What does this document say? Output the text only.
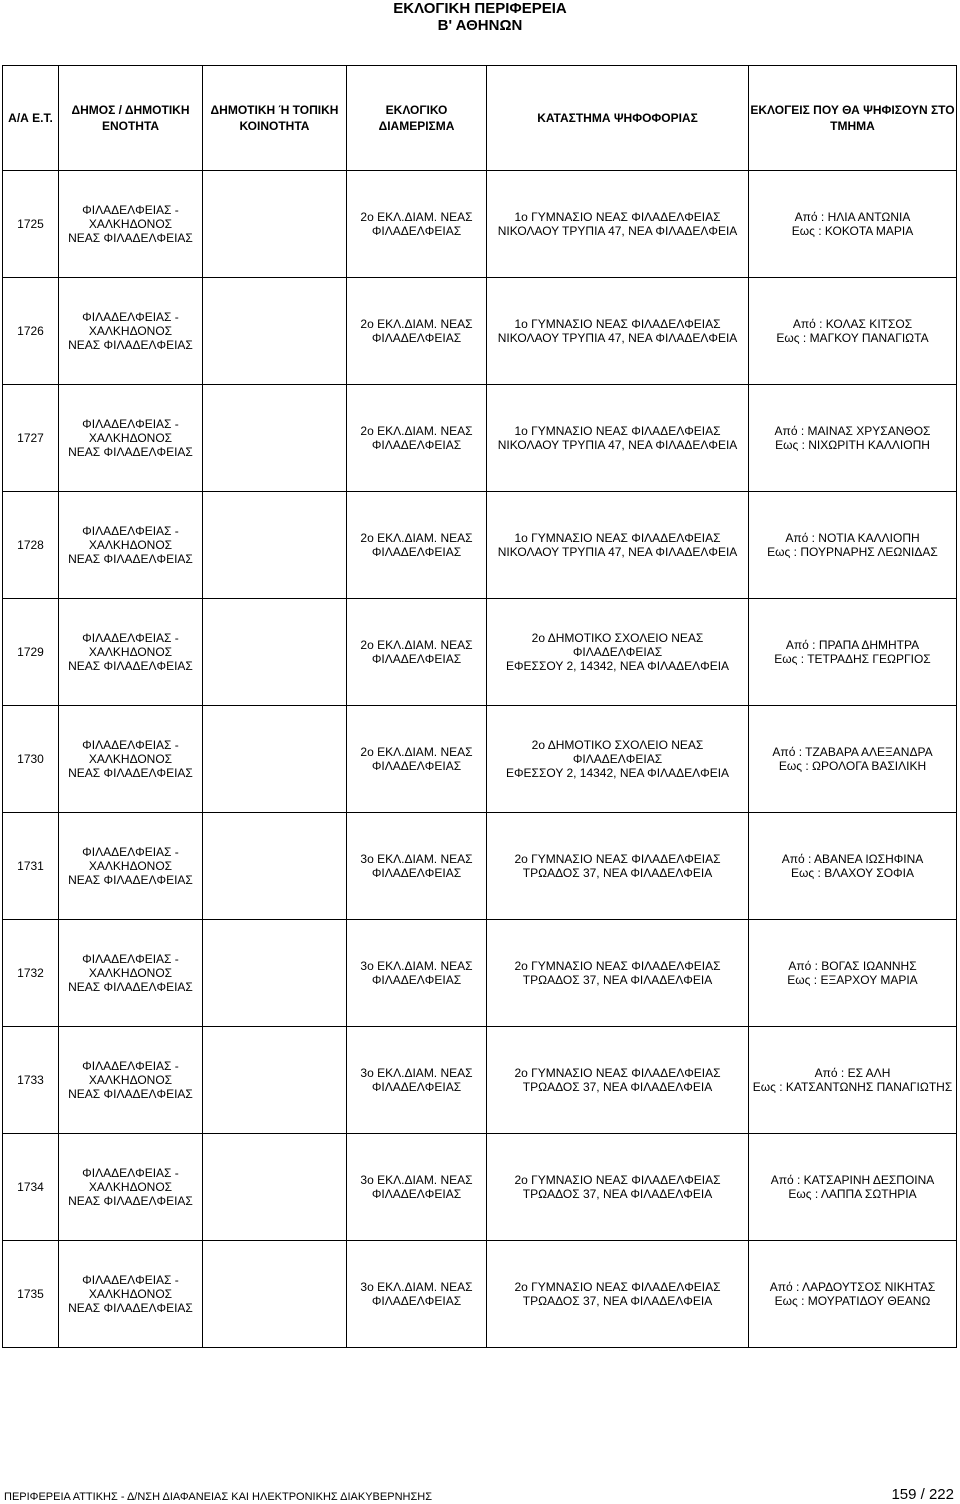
ΕΚΛΟΓΙΚΗ ΠΕΡΙΦΕΡΕΙΑ
Β' ΑΘΗΝΩΝ
Α/Α Ε.Τ.	ΔΗΜΟΣ / ΔΗΜΟΤΙΚΗ ΕΝΟΤΗΤΑ	ΔΗΜΟΤΙΚΗ Ή ΤΟΠΙΚΗ ΚΟΙΝΟΤΗΤΑ	ΕΚΛΟΓΙΚΟ ΔΙΑΜΕΡΙΣΜΑ	ΚΑΤΑΣΤΗΜΑ ΨΗΦΟΦΟΡΙΑΣ	ΕΚΛΟΓΕΙΣ ΠΟΥ ΘΑ ΨΗΦΙΣΟΥΝ ΣΤΟ ΤΜΗΜΑ
1725	ΦΙΛΑΔΕΛΦΕΙΑΣ -
ΧΑΛΚΗΔΟΝΟΣ
ΝΕΑΣ ΦΙΛΑΔΕΛΦΕΙΑΣ		2ο ΕΚΛ.ΔΙΑΜ. ΝΕΑΣ
ΦΙΛΑΔΕΛΦΕΙΑΣ	1ο ΓΥΜΝΑΣΙΟ ΝΕΑΣ ΦΙΛΑΔΕΛΦΕΙΑΣ
ΝΙΚΟΛΑΟΥ ΤΡΥΠΙΑ 47, ΝΕΑ ΦΙΛΑΔΕΛΦΕΙΑ	Από : ΗΛΙΑ ΑΝΤΩΝΙΑ
Εως : ΚΟΚΟΤΑ ΜΑΡΙΑ

1726	ΦΙΛΑΔΕΛΦΕΙΑΣ -
ΧΑΛΚΗΔΟΝΟΣ
ΝΕΑΣ ΦΙΛΑΔΕΛΦΕΙΑΣ		2ο ΕΚΛ.ΔΙΑΜ. ΝΕΑΣ
ΦΙΛΑΔΕΛΦΕΙΑΣ	1ο ΓΥΜΝΑΣΙΟ ΝΕΑΣ ΦΙΛΑΔΕΛΦΕΙΑΣ
ΝΙΚΟΛΑΟΥ ΤΡΥΠΙΑ 47, ΝΕΑ ΦΙΛΑΔΕΛΦΕΙΑ	Από : ΚΟΛΑΣ ΚΙΤΣΟΣ
Εως : ΜΑΓΚΟΥ ΠΑΝΑΓΙΩΤΑ

1727	ΦΙΛΑΔΕΛΦΕΙΑΣ -
ΧΑΛΚΗΔΟΝΟΣ
ΝΕΑΣ ΦΙΛΑΔΕΛΦΕΙΑΣ		2ο ΕΚΛ.ΔΙΑΜ. ΝΕΑΣ
ΦΙΛΑΔΕΛΦΕΙΑΣ	1ο ΓΥΜΝΑΣΙΟ ΝΕΑΣ ΦΙΛΑΔΕΛΦΕΙΑΣ
ΝΙΚΟΛΑΟΥ ΤΡΥΠΙΑ 47, ΝΕΑ ΦΙΛΑΔΕΛΦΕΙΑ	Από : ΜΑΙΝΑΣ ΧΡΥΣΑΝΘΟΣ
Εως : ΝΙΧΩΡΙΤΗ ΚΑΛΛΙΟΠΗ

1728	ΦΙΛΑΔΕΛΦΕΙΑΣ -
ΧΑΛΚΗΔΟΝΟΣ
ΝΕΑΣ ΦΙΛΑΔΕΛΦΕΙΑΣ		2ο ΕΚΛ.ΔΙΑΜ. ΝΕΑΣ
ΦΙΛΑΔΕΛΦΕΙΑΣ	1ο ΓΥΜΝΑΣΙΟ ΝΕΑΣ ΦΙΛΑΔΕΛΦΕΙΑΣ
ΝΙΚΟΛΑΟΥ ΤΡΥΠΙΑ 47, ΝΕΑ ΦΙΛΑΔΕΛΦΕΙΑ	Από : ΝΟΤΙΑ ΚΑΛΛΙΟΠΗ
Εως : ΠΟΥΡΝΑΡΗΣ ΛΕΩΝΙΔΑΣ

1729	ΦΙΛΑΔΕΛΦΕΙΑΣ -
ΧΑΛΚΗΔΟΝΟΣ
ΝΕΑΣ ΦΙΛΑΔΕΛΦΕΙΑΣ		2ο ΕΚΛ.ΔΙΑΜ. ΝΕΑΣ
ΦΙΛΑΔΕΛΦΕΙΑΣ	2ο ΔΗΜΟΤΙΚΟ ΣΧΟΛΕΙΟ ΝΕΑΣ
ΦΙΛΑΔΕΛΦΕΙΑΣ
ΕΦΕΣΣΟΥ 2, 14342, ΝΕΑ ΦΙΛΑΔΕΛΦΕΙΑ	Από : ΠΡΑΠΑ ΔΗΜΗΤΡΑ
Εως : ΤΕΤΡΑΔΗΣ ΓΕΩΡΓΙΟΣ

1730	ΦΙΛΑΔΕΛΦΕΙΑΣ -
ΧΑΛΚΗΔΟΝΟΣ
ΝΕΑΣ ΦΙΛΑΔΕΛΦΕΙΑΣ		2ο ΕΚΛ.ΔΙΑΜ. ΝΕΑΣ
ΦΙΛΑΔΕΛΦΕΙΑΣ	2ο ΔΗΜΟΤΙΚΟ ΣΧΟΛΕΙΟ ΝΕΑΣ
ΦΙΛΑΔΕΛΦΕΙΑΣ
ΕΦΕΣΣΟΥ 2, 14342, ΝΕΑ ΦΙΛΑΔΕΛΦΕΙΑ	Από : ΤΖΑΒΑΡΑ ΑΛΕΞΑΝΔΡΑ
Εως : ΩΡΟΛΟΓΑ ΒΑΣΙΛΙΚΗ

1731	ΦΙΛΑΔΕΛΦΕΙΑΣ -
ΧΑΛΚΗΔΟΝΟΣ
ΝΕΑΣ ΦΙΛΑΔΕΛΦΕΙΑΣ		3ο ΕΚΛ.ΔΙΑΜ. ΝΕΑΣ
ΦΙΛΑΔΕΛΦΕΙΑΣ	2ο ΓΥΜΝΑΣΙΟ ΝΕΑΣ ΦΙΛΑΔΕΛΦΕΙΑΣ
ΤΡΩΑΔΟΣ 37, ΝΕΑ ΦΙΛΑΔΕΛΦΕΙΑ	Από : ΑΒΑΝΕΑ ΙΩΣΗΦΙΝΑ
Εως : ΒΛΑΧΟΥ ΣΟΦΙΑ

1732	ΦΙΛΑΔΕΛΦΕΙΑΣ -
ΧΑΛΚΗΔΟΝΟΣ
ΝΕΑΣ ΦΙΛΑΔΕΛΦΕΙΑΣ		3ο ΕΚΛ.ΔΙΑΜ. ΝΕΑΣ
ΦΙΛΑΔΕΛΦΕΙΑΣ	2ο ΓΥΜΝΑΣΙΟ ΝΕΑΣ ΦΙΛΑΔΕΛΦΕΙΑΣ
ΤΡΩΑΔΟΣ 37, ΝΕΑ ΦΙΛΑΔΕΛΦΕΙΑ	Από : ΒΟΓΑΣ ΙΩΑΝΝΗΣ
Εως : ΕΞΑΡΧΟΥ ΜΑΡΙΑ

1733	ΦΙΛΑΔΕΛΦΕΙΑΣ -
ΧΑΛΚΗΔΟΝΟΣ
ΝΕΑΣ ΦΙΛΑΔΕΛΦΕΙΑΣ		3ο ΕΚΛ.ΔΙΑΜ. ΝΕΑΣ
ΦΙΛΑΔΕΛΦΕΙΑΣ	2ο ΓΥΜΝΑΣΙΟ ΝΕΑΣ ΦΙΛΑΔΕΛΦΕΙΑΣ
ΤΡΩΑΔΟΣ 37, ΝΕΑ ΦΙΛΑΔΕΛΦΕΙΑ	Από : ΕΣ ΑΛΗ
Εως : ΚΑΤΣΑΝΤΩΝΗΣ ΠΑΝΑΓΙΩΤΗΣ

1734	ΦΙΛΑΔΕΛΦΕΙΑΣ -
ΧΑΛΚΗΔΟΝΟΣ
ΝΕΑΣ ΦΙΛΑΔΕΛΦΕΙΑΣ		3ο ΕΚΛ.ΔΙΑΜ. ΝΕΑΣ
ΦΙΛΑΔΕΛΦΕΙΑΣ	2ο ΓΥΜΝΑΣΙΟ ΝΕΑΣ ΦΙΛΑΔΕΛΦΕΙΑΣ
ΤΡΩΑΔΟΣ 37, ΝΕΑ ΦΙΛΑΔΕΛΦΕΙΑ	Από : ΚΑΤΣΑΡΙΝΗ ΔΕΣΠΟΙΝΑ
Εως : ΛΑΠΠΑ ΣΩΤΗΡΙΑ

1735	ΦΙΛΑΔΕΛΦΕΙΑΣ -
ΧΑΛΚΗΔΟΝΟΣ
ΝΕΑΣ ΦΙΛΑΔΕΛΦΕΙΑΣ		3ο ΕΚΛ.ΔΙΑΜ. ΝΕΑΣ
ΦΙΛΑΔΕΛΦΕΙΑΣ	2ο ΓΥΜΝΑΣΙΟ ΝΕΑΣ ΦΙΛΑΔΕΛΦΕΙΑΣ
ΤΡΩΑΔΟΣ 37, ΝΕΑ ΦΙΛΑΔΕΛΦΕΙΑ	Από : ΛΑΡΔΟΥΤΣΟΣ ΝΙΚΗΤΑΣ
Εως : ΜΟΥΡΑΤΙΔΟΥ ΘΕΑΝΩ
ΠΕΡΙΦΕΡΕΙΑ ΑΤΤΙΚΗΣ - Δ/ΝΣΗ ΔΙΑΦΑΝΕΙΑΣ ΚΑΙ ΗΛΕΚΤΡΟΝΙΚΗΣ ΔΙΑΚΥΒΕΡΝΗΣΗΣ	159 / 222
